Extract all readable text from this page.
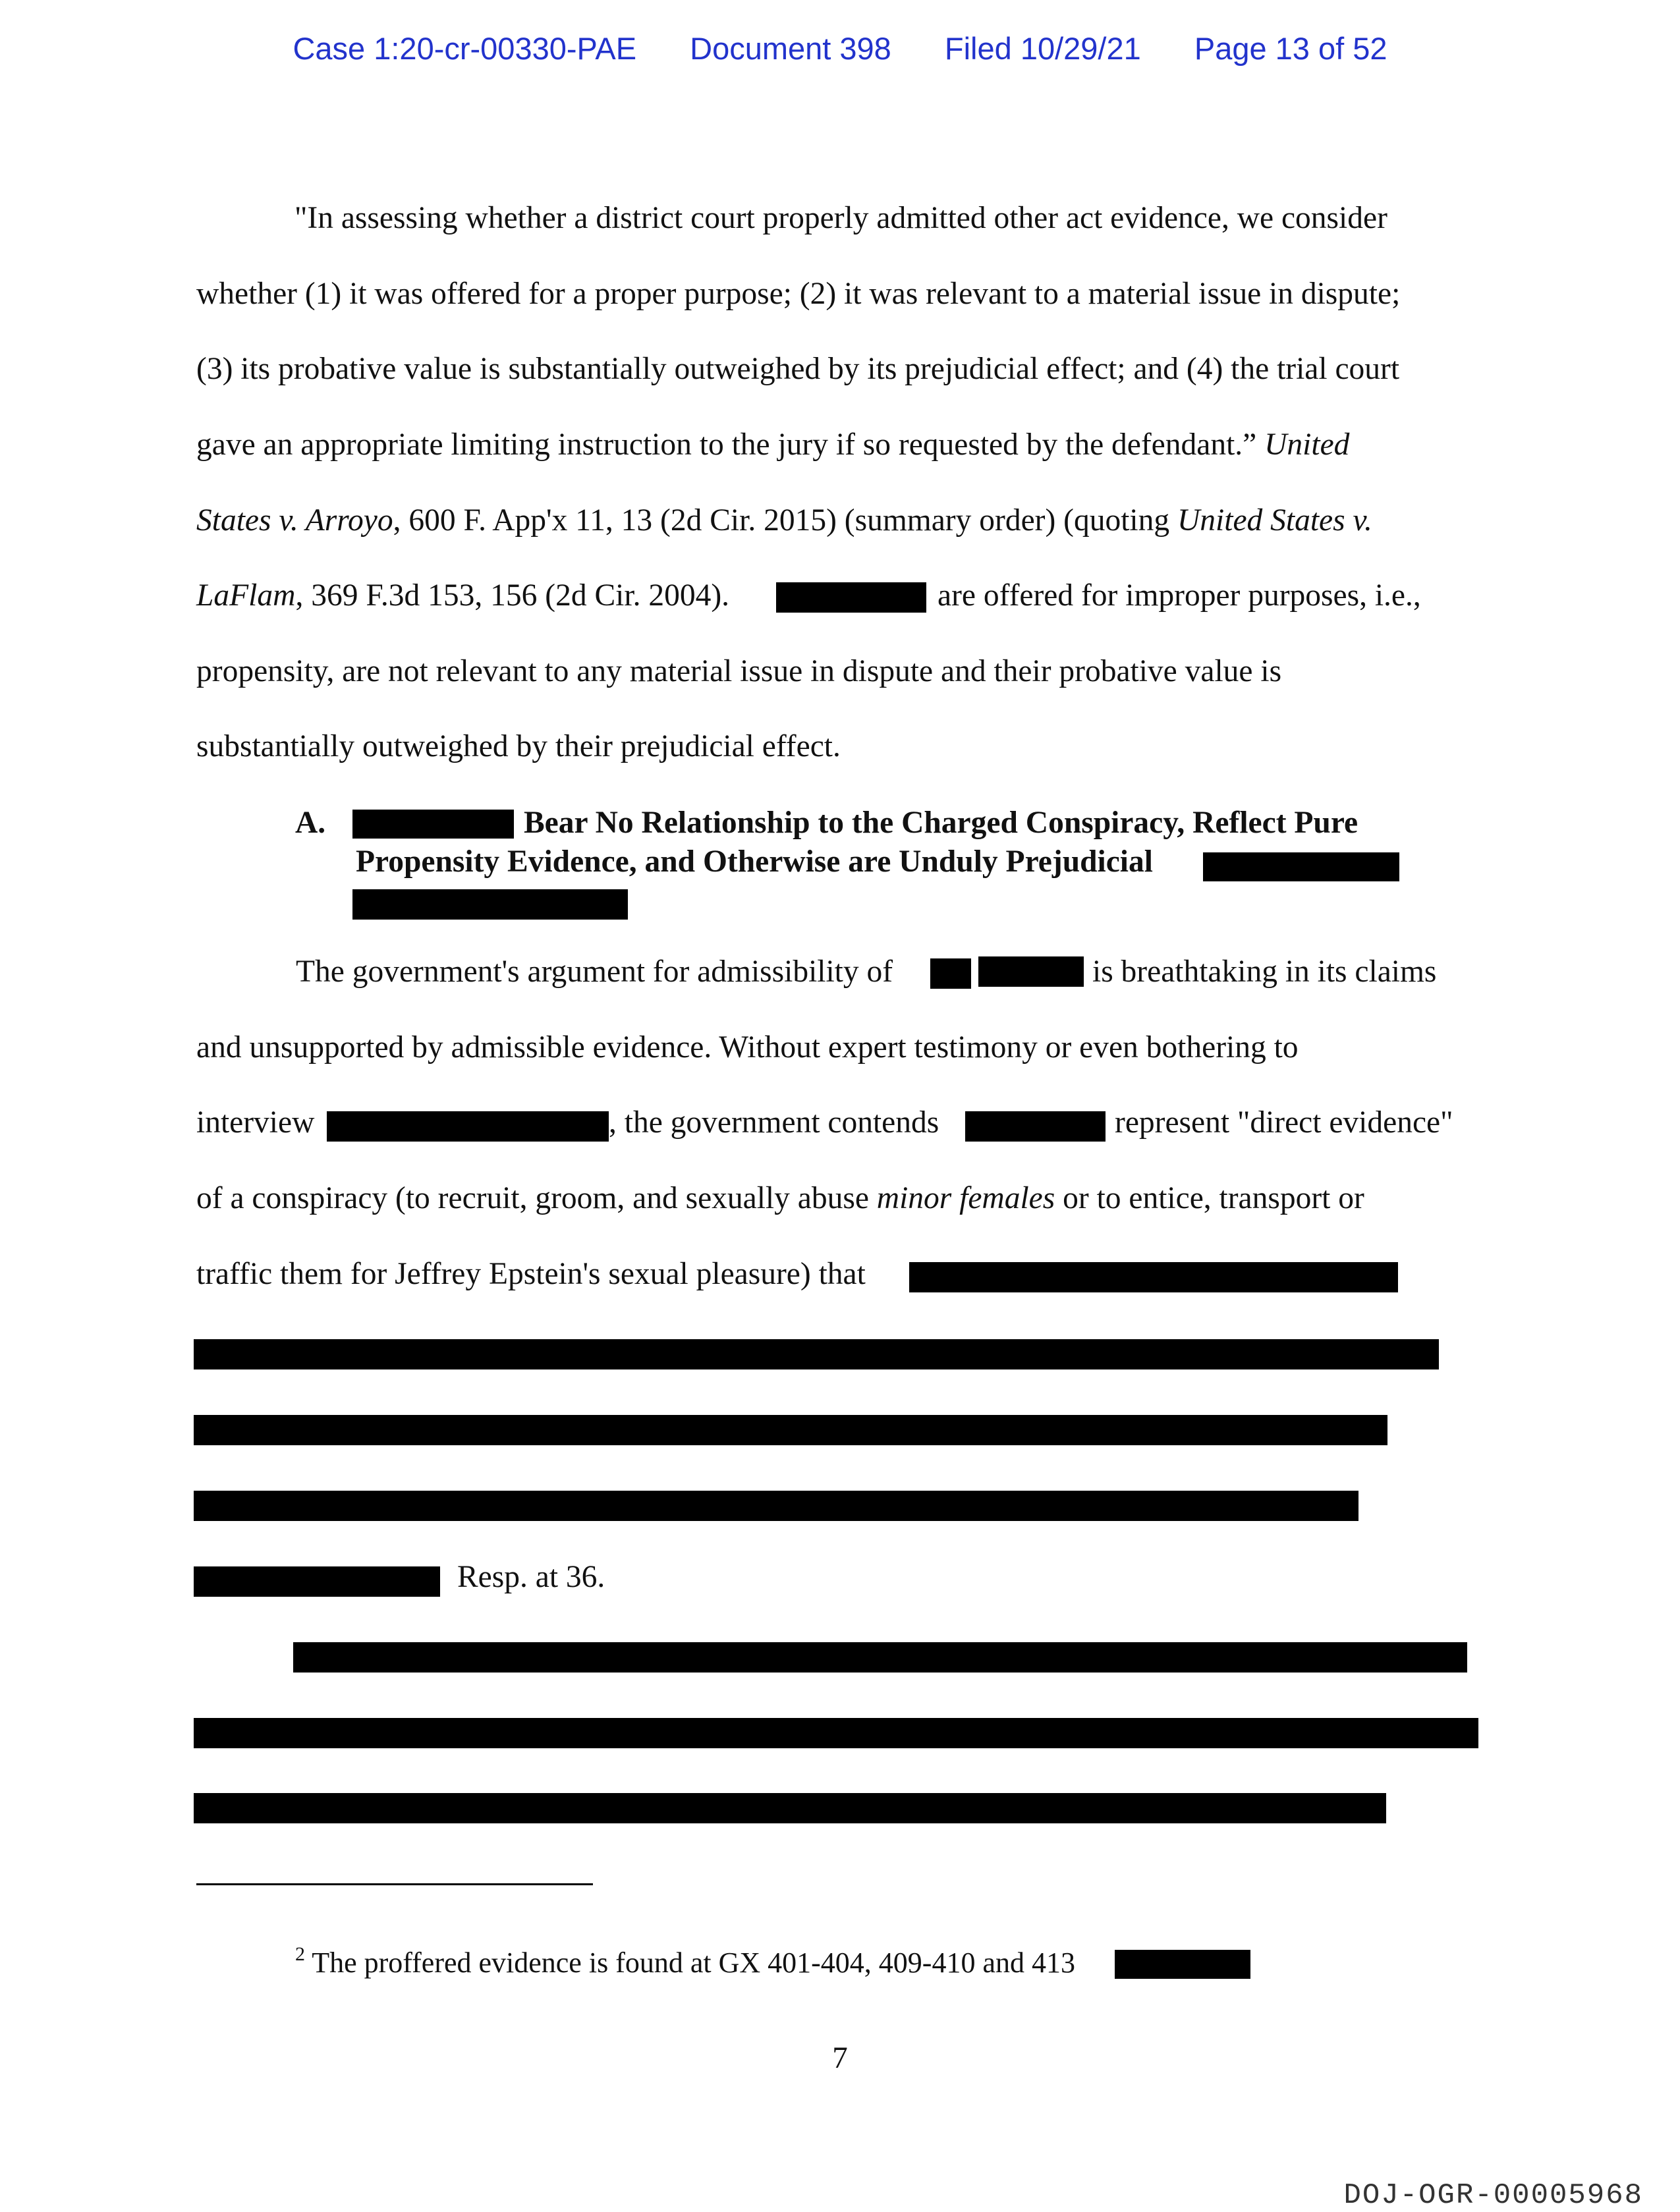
Case 1:20-cr-00330-PAE Document 398 Filed 10/29/21 Page 13 of 52
"In assessing whether a district court properly admitted other act evidence, we consider
whether (1) it was offered for a proper purpose; (2) it was relevant to a material issue in dispute;
(3) its probative value is substantially outweighed by its prejudicial effect; and (4) the trial court
gave an appropriate limiting instruction to the jury if so requested by the defendant.” United
States v. Arroyo, 600 F. App'x 11, 13 (2d Cir. 2015) (summary order) (quoting United States v.
LaFlam, 369 F.3d 153, 156 (2d Cir. 2004).	are offered for improper purposes, i.e.,
propensity, are not relevant to any material issue in dispute and their probative value is
substantially outweighed by their prejudicial effect.
A.	Bear No Relationship to the Charged Conspiracy, Reflect Pure
Propensity Evidence, and Otherwise are Unduly Prejudicial
The government's argument for admissibility of	is breathtaking in its claims
and unsupported by admissible evidence. Without expert testimony or even bothering to
interview	, the government contends	represent "direct evidence"
of a conspiracy (to recruit, groom, and sexually abuse minor females or to entice, transport or
traffic them for Jeffrey Epstein's sexual pleasure) that
Resp. at 36.
$^2$ The proffered evidence is found at GX 401-404, 409-410 and 413
7
DOJ-OGR-00005968
